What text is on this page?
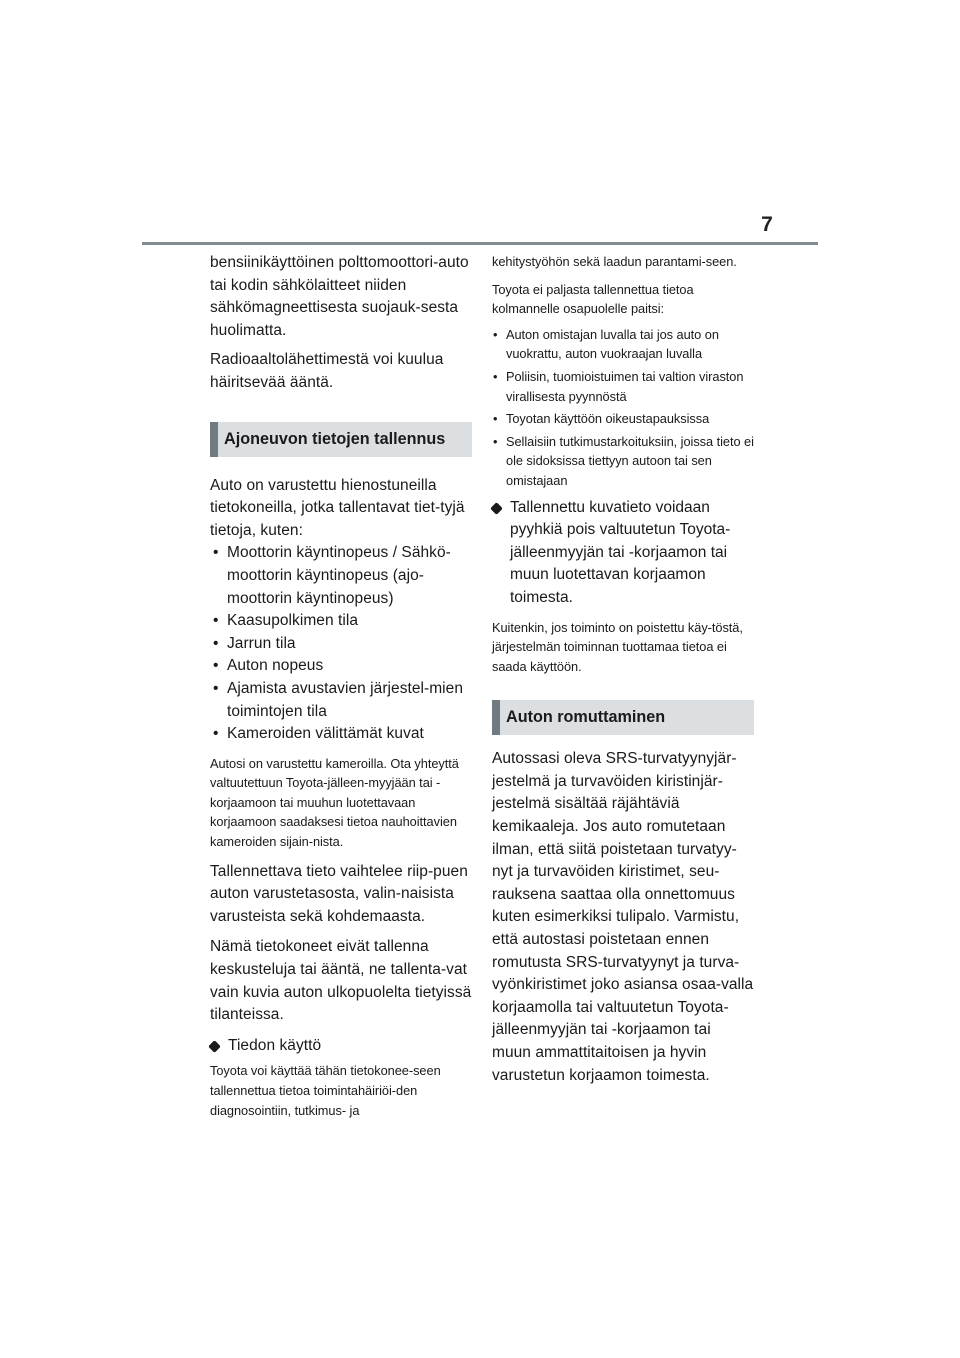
7

bensiinikäyttöinen polttomoottori-auto tai kodin sähkölaitteet niiden sähkömagneettisesta suojauk-sesta huolimatta.

Radioaaltolähettimestä voi kuulua häiritsevää ääntä.

Ajoneuvon tietojen tallennus

Auto on varustettu hienostuneilla tietokoneilla, jotka tallentavat tiet-tyjä tietoja, kuten:

• Moottorin käyntinopeus / Sähkö-moottorin käyntinopeus (ajo-moottorin käyntinopeus)
• Kaasupolkimen tila
• Jarrun tila
• Auton nopeus
• Ajamista avustavien järjestel-mien toimintojen tila
• Kameroiden välittämät kuvat

Autosi on varustettu kameroilla. Ota yhteyttä valtuutettuun Toyota-jälleen-myyjään tai -korjaamoon tai muuhun luotettavaan korjaamoon saadaksesi tietoa nauhoittavien kameroiden sijain-nista.

Tallennettava tieto vaihtelee riip-puen auton varustetasosta, valin-naisista varusteista sekä kohdemaasta.

Nämä tietokoneet eivät tallenna keskusteluja tai ääntä, ne tallenta-vat vain kuvia auton ulkopuolelta tietyissä tilanteissa.

Tiedon käyttö

Toyota voi käyttää tähän tietokonee-seen tallennettua tietoa toimintahäiriöi-den diagnosointiin, tutkimus- ja

kehitystyöhön sekä laadun parantami-seen.

Toyota ei paljasta tallennettua tietoa kolmannelle osapuolelle paitsi:

• Auton omistajan luvalla tai jos auto on vuokrattu, auton vuokraajan luvalla
• Poliisin, tuomioistuimen tai valtion viraston virallisesta pyynnöstä
• Toyotan käyttöön oikeustapauksissa
• Sellaisiin tutkimustarkoituksiin, joissa tieto ei ole sidoksissa tiettyyn autoon tai sen omistajaan
Tallennettu kuvatieto voidaan pyyhkiä pois valtuutetun Toyota-jälleenmyyjän tai -korjaamon tai muun luotettavan korjaamon toimesta.

Kuitenkin, jos toiminto on poistettu käy-töstä, järjestelmän toiminnan tuottamaa tietoa ei saada käyttöön.

Auton romuttaminen

Autossasi oleva SRS-turvatyynyjär-jestelmä ja turvavöiden kiristinjär-jestelmä sisältää räjähtäviä kemikaaleja. Jos auto romutetaan ilman, että siitä poistetaan turvatyy-nyt ja turvavöiden kiristimet, seu-rauksena saattaa olla onnettomuus kuten esimerkiksi tulipalo. Varmistu, että autostasi poistetaan ennen romutusta SRS-turvatyynyt ja turva-vyönkiristimet joko asiansa osaa-valla korjaamolla tai valtuutetun Toyota-jälleenmyyjän tai -korjaamon tai muun ammattitaitoisen ja hyvin varustetun korjaamon toimesta.
